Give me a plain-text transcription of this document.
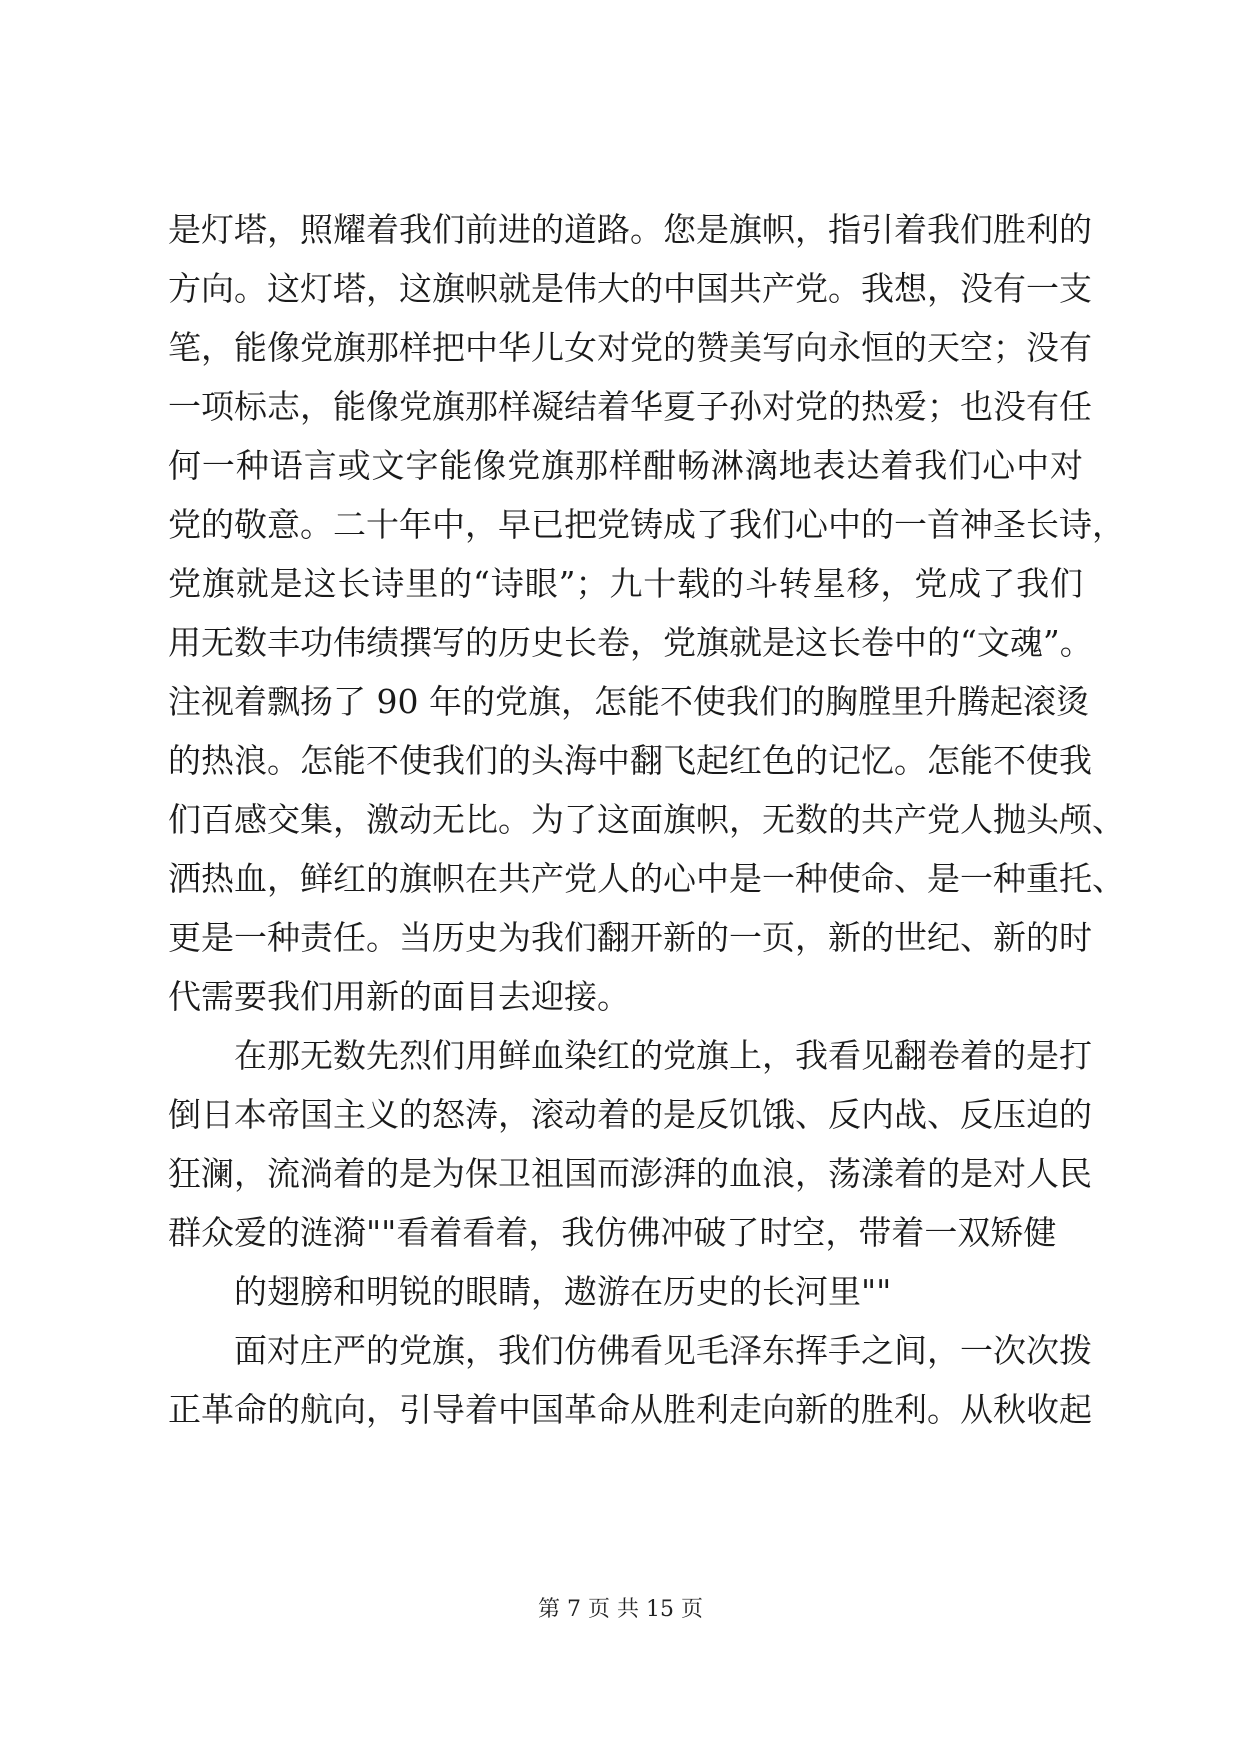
是灯塔，照耀着我们前进的道路。您是旗帜，指引着我们胜利的
方向。这灯塔，这旗帜就是伟大的中国共产党。我想，没有一支
笔，能像党旗那样把中华儿女对党的赞美写向永恒的天空；没有
一项标志，能像党旗那样凝结着华夏子孙对党的热爱；也没有任
何一种语言或文字能像党旗那样酣畅淋漓地表达着我们心中对
党的敬意。二十年中，早已把党铸成了我们心中的一首神圣长诗，
党旗就是这长诗里的“诗眼”；九十载的斗转星移，党成了我们
用无数丰功伟绩撰写的历史长卷，党旗就是这长卷中的“文魂”。
注视着飘扬了 90 年的党旗，怎能不使我们的胸膛里升腾起滚烫
的热浪。怎能不使我们的头海中翻飞起红色的记忆。怎能不使我
们百感交集，激动无比。为了这面旗帜，无数的共产党人抛头颅、
洒热血，鲜红的旗帜在共产党人的心中是一种使命、是一种重托、
更是一种责任。当历史为我们翻开新的一页，新的世纪、新的时
代需要我们用新的面目去迎接。
在那无数先烈们用鲜血染红的党旗上，我看见翻卷着的是打
倒日本帝国主义的怒涛，滚动着的是反饥饿、反内战、反压迫的
狂澜，流淌着的是为保卫祖国而澎湃的血浪，荡漾着的是对人民
群众爱的涟漪""看着看着，我仿佛冲破了时空，带着一双矫健
的翅膀和明锐的眼睛，遨游在历史的长河里""
面对庄严的党旗，我们仿佛看见毛泽东挥手之间，一次次拨
正革命的航向，引导着中国革命从胜利走向新的胜利。从秋收起
第 7 页 共 15 页
